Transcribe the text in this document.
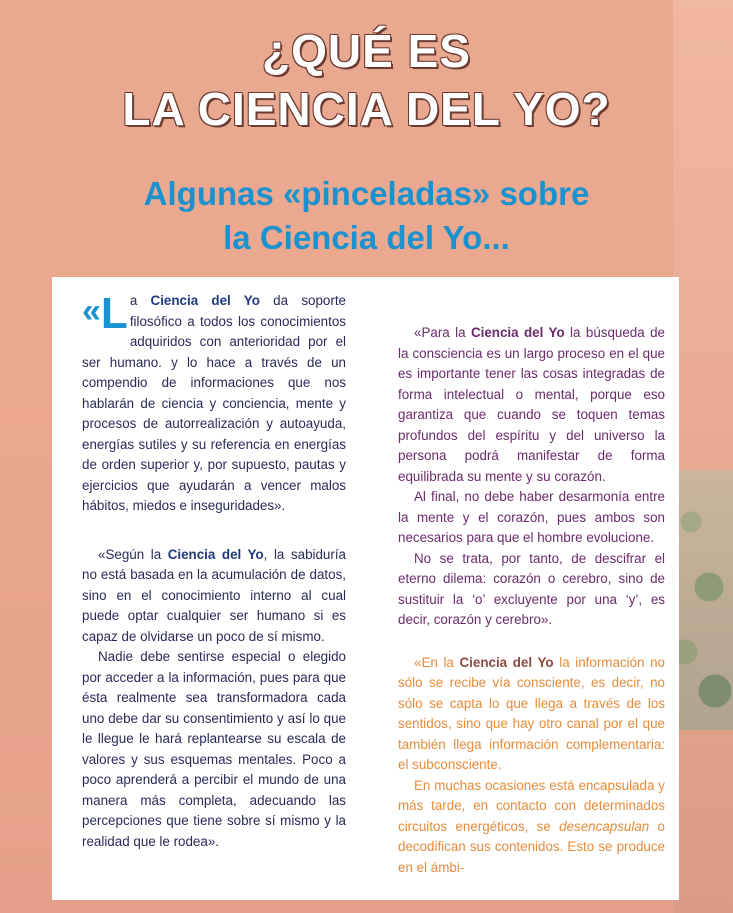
¿QUÉ ES
LA CIENCIA DEL YO?
Algunas «pinceladas» sobre
la Ciencia del Yo...

«L a Ciencia del Yo da soporte filosófico a todos los conocimientos adquiridos con anterioridad por el ser humano. y lo hace a través de un compendio de informaciones que nos hablarán de ciencia y conciencia, mente y procesos de autorrealización y autoayuda, energías sutiles y su referencia en energías de orden superior y, por supuesto, pautas y ejercicios que ayudarán a vencer malos hábitos, miedos e inseguridades».

«Según la Ciencia del Yo, la sabiduría no está basada en la acumulación de datos, sino en el conocimiento interno al cual puede optar cualquier ser humano si es capaz de olvidarse un poco de sí mismo.

Nadie debe sentirse especial o elegido por acceder a la información, pues para que ésta realmente sea transformadora cada uno debe dar su consentimiento y así lo que le llegue le hará replantearse su escala de valores y sus esquemas mentales. Poco a poco aprenderá a percibir el mundo de una manera más completa, adecuando las percepciones que tiene sobre sí mismo y la realidad que le rodea».

«Para la Ciencia del Yo la búsqueda de la consciencia es un largo proceso en el que es importante tener las cosas integradas de forma intelectual o mental, porque eso garantiza que cuando se toquen temas profundos del espíritu y del universo la persona podrá manifestar de forma equilibrada su mente y su corazón.

Al final, no debe haber desarmonía entre la mente y el corazón, pues ambos son necesarios para que el hombre evolucione.

No se trata, por tanto, de descifrar el eterno dilema: corazón o cerebro, sino de sustituir la ‘o’ excluyente por una ‘y’, es decir, corazón y cerebro».

«En la Ciencia del Yo la información no sólo se recibe vía consciente, es decir, no sólo se capta lo que llega a través de los sentidos, sino que hay otro canal por el que también llega información complementaria: el subconsciente.

En muchas ocasiones está encapsulada y más tarde, en contacto con determinados circuitos energéticos, se desencapsulan o decodifican sus contenidos. Esto se produce en el ámbi-
